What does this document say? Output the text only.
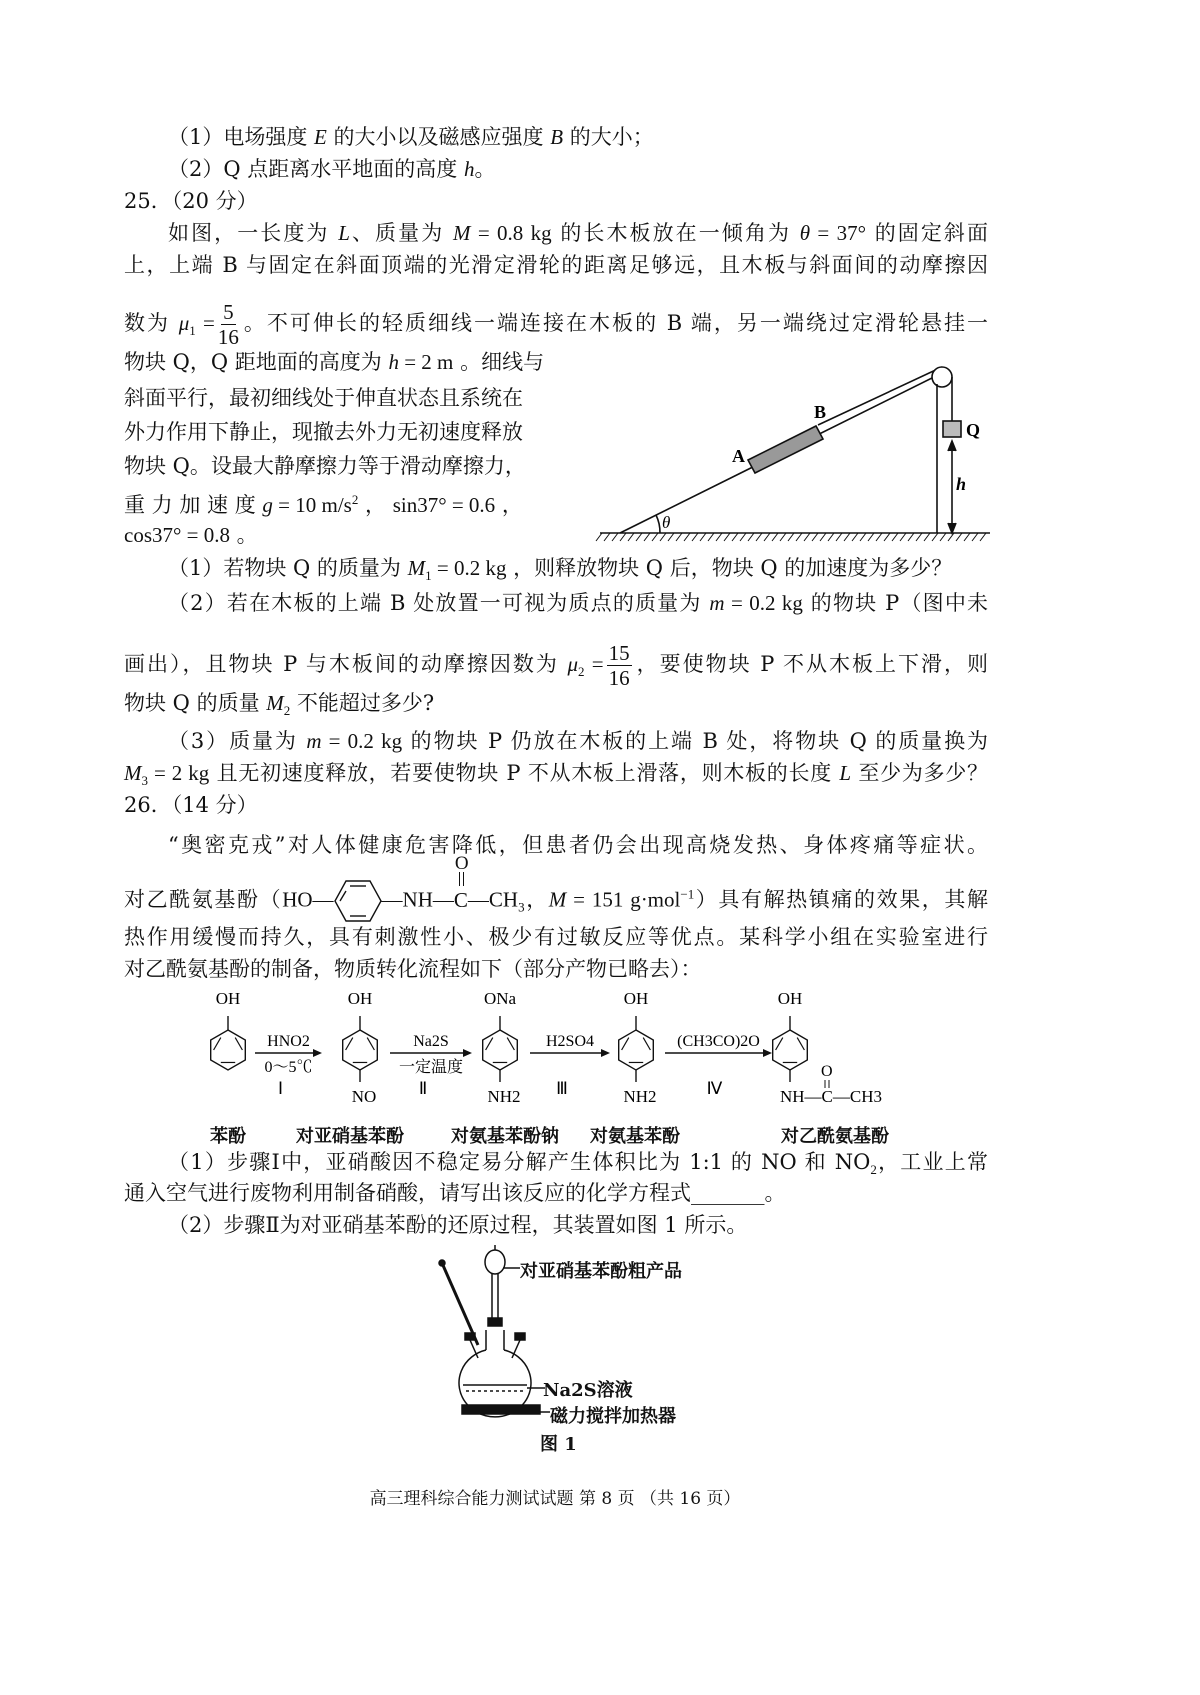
（1）电场强度 E 的大小以及磁感应强度 B 的大小；
（2）Q 点距离水平地面的高度 h。
25．（20 分）
如图，一长度为 L、质量为 M = 0.8 kg 的长木板放在一倾角为 θ = 37° 的固定斜面
上，上端 B 与固定在斜面顶端的光滑定滑轮的距离足够远，且木板与斜面间的动摩擦因
数为 $\mu_1 = \frac{5}{16}$ 。不可伸长的轻质细线一端连接在木板的 B 端，另一端绕过定滑轮悬挂一
物块 Q，Q 距地面的高度为 h = 2 m 。细线与
斜面平行，最初细线处于伸直状态且系统在
外力作用下静止，现撤去外力无初速度释放
物块 Q。设最大静摩擦力等于滑动摩擦力，
重 力 加 速 度 g = 10 $m/s^2$ ， sin37° = 0.6 ，
cos37° = 0.8 。
（1）若物块 Q 的质量为 $M_1 = 0.2$ kg ，则释放物块 Q 后，物块 Q 的加速度为多少？
（2）若在木板的上端 B 处放置一可视为质点的质量为 m = 0.2 kg 的物块 P（图中未
画出），且物块 P 与木板间的动摩擦因数为 $\mu_2 = \frac{15}{16}$ ，要使物块 P 不从木板上下滑，则
物块 Q 的质量 $M_2$ 不能超过多少?
（3）质量为 m = 0.2 kg 的物块 P 仍放在木板的上端 B 处，将物块 Q 的质量换为
$M_3 = 2$ kg 且无初速度释放，若要使物块 P 不从木板上滑落，则木板的长度 L 至少为多少？
26．（14 分）
“奥密克戎”对人体健康危害降低，但患者仍会出现高烧发热、身体疼痛等症状。
对乙酰氨基酚（HO— —NH—
O
$C—CH_3$，M = 151 g·mol$^{-1}$）具有解热镇痛的效果，其解
热作用缓慢而持久，具有刺激性小、极少有过敏反应等优点。某科学小组在实验室进行
对乙酰氨基酚的制备，物质转化流程如下（部分产物已略去）：
（1）步骤Ⅰ中，亚硝酸因不稳定易分解产生体积比为 1:1 的 NO 和 $NO_2$，工业上常
通入空气进行废物利用制备硝酸，请写出该反应的化学方程式_______。
（2）步骤Ⅱ为对亚硝基苯酚的还原过程，其装置如图 1 所示。
A
B
Q
h
θ
OH	OH
NO
ONa
NH2
OH
NH2
OH
NH—C—CH3
O
HNO2
0～5℃
Ⅰ
Na2S
一定温度
Ⅱ
H2SO4
Ⅲ
(CH3CO)2O
Ⅳ
苯酚	对亚硝基苯酚	对氨基苯酚钠 对氨基苯酚	对乙酰氨基酚
对亚硝基苯酚粗产品
Na2S溶液
磁力搅拌加热器
图 1
高三理科综合能力测试试题 第 8 页 （共 16 页）
